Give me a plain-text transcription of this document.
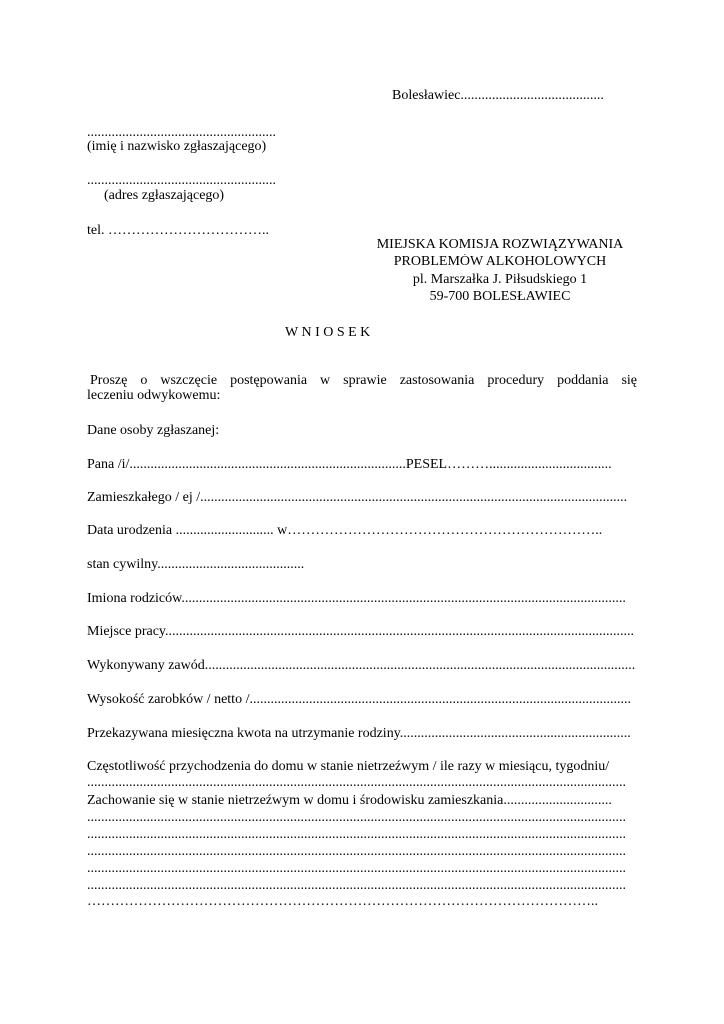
Bolesławiec.........................................
......................................................
(imię i nazwisko zgłaszającego)
......................................................
(adres zgłaszającego)
tel. ……………………………..
MIEJSKA KOMISJA ROZWIĄZYWANIA
PROBLEMÓW ALKOHOLOWYCH
pl. Marszałka J. Piłsudskiego 1
59-700 BOLESŁAWIEC
W N I O S E K
Proszę o wszczęcie postępowania w sprawie zastosowania procedury poddania się
leczeniu odwykowemu:
Dane osoby zgłaszanej:
Pana /i/...............................................................................PESEL………...................................
Zamieszkałego / ej /..........................................................................................................................
Data urodzenia ............................ w…………………………………………………………..
stan cywilny..........................................
Imiona rodziców...............................................................................................................................
Miejsce pracy......................................................................................................................................
Wykonywany zawód...........................................................................................................................
Wysokość zarobków / netto /.............................................................................................................
Przekazywana miesięczna kwota na utrzymanie rodziny..................................................................
Częstotliwość przychodzenia do domu w stanie nietrzeźwym / ile razy w miesiącu, tygodniu/
..........................................................................................................................................................
Zachowanie się w stanie nietrzeźwym w domu i środowisku zamieszkania...............................
..........................................................................................................................................................
..........................................................................................................................................................
..........................................................................................................................................................
..........................................................................................................................................................
..........................................................................................................................................................
………………………………………………………………………………………………..
